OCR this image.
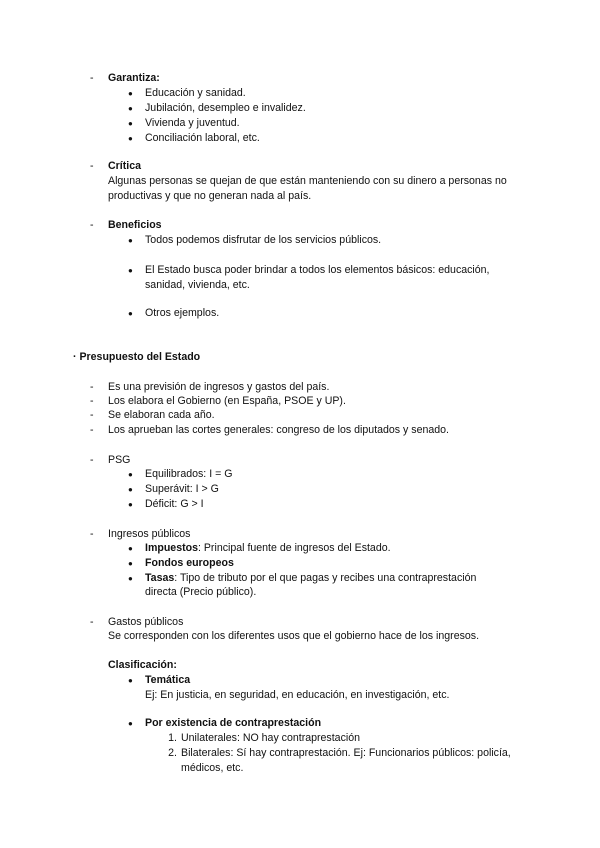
-	Garantiza:
●	Educación y sanidad.
●	Jubilación, desempleo e invalidez.
●	Vivienda y juventud.
●	Conciliación laboral, etc.
-	Crítica
Algunas personas se quejan de que están manteniendo con su dinero a personas no
productivas y que no generan nada al país.
-	Beneficios
●	Todos podemos disfrutar de los servicios públicos.
●	El Estado busca poder brindar a todos los elementos básicos: educación,
sanidad, vivienda, etc.
●	Otros ejemplos.
· Presupuesto del Estado
-	Es una previsión de ingresos y gastos del país.
-	Los elabora el Gobierno (en España, PSOE y UP).
-	Se elaboran cada año.
-	Los aprueban las cortes generales: congreso de los diputados y senado.
-	PSG
●	Equilibrados: I = G
●	Superávit: I > G
●	Déficit: G > I
-	Ingresos públicos
●	Impuestos: Principal fuente de ingresos del Estado.
●	Fondos europeos
●	Tasas: Tipo de tributo por el que pagas y recibes una contraprestación
directa (Precio público).
-	Gastos públicos
Se corresponden con los diferentes usos que el gobierno hace de los ingresos.
Clasificación:
●	Temática
Ej: En justicia, en seguridad, en educación, en investigación, etc.
●	Por existencia de contraprestación
1. Unilaterales: NO hay contraprestación
2. Bilaterales: Sí hay contraprestación. Ej: Funcionarios públicos: policía,
médicos, etc.
